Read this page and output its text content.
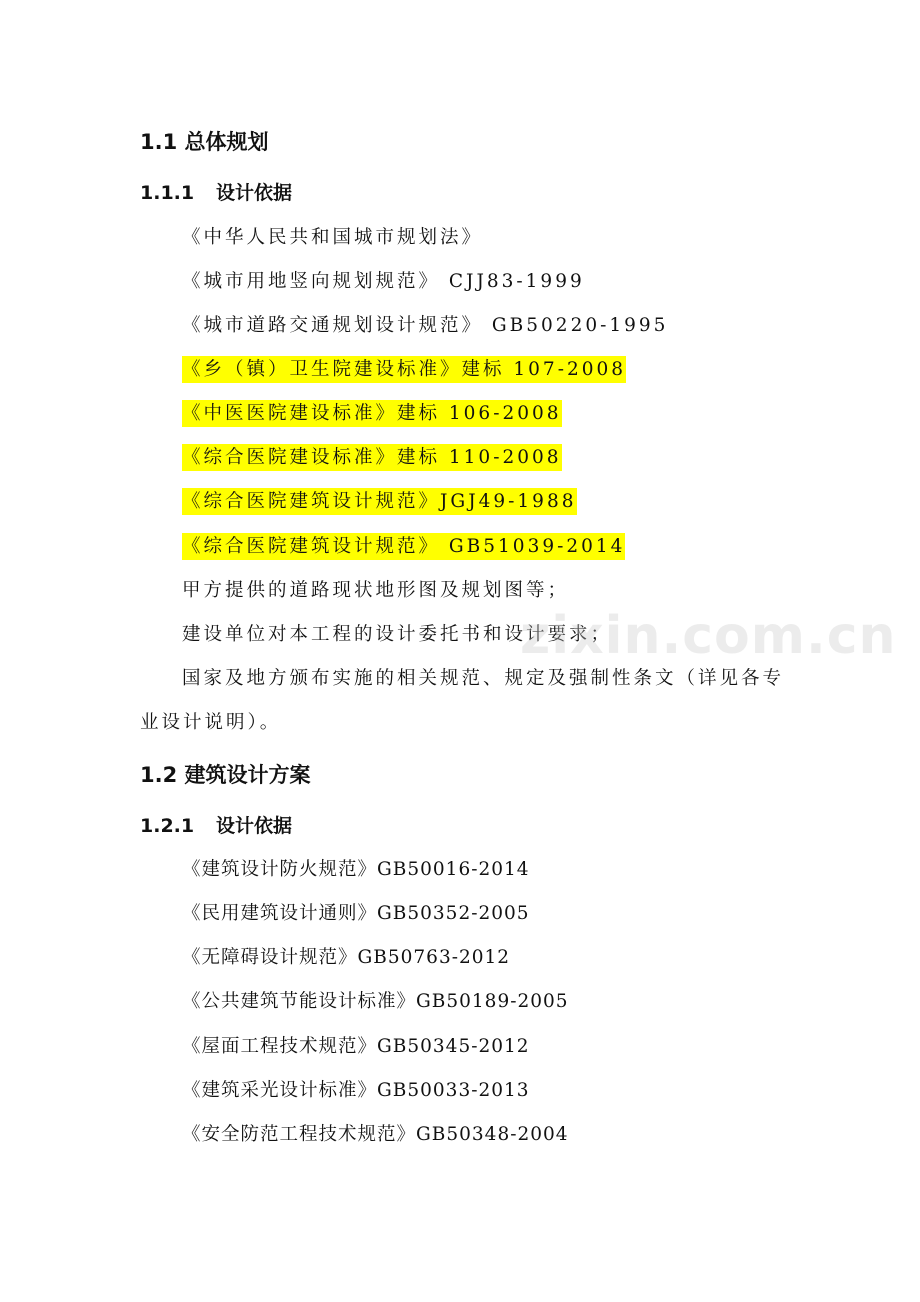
1.1 总体规划
1.1.1 设计依据
《中华人民共和国城市规划法》
《城市用地竖向规划规范》 CJJ83-1999
《城市道路交通规划设计规范》 GB50220-1995
《乡（镇）卫生院建设标准》建标 107-2008
《中医医院建设标准》建标 106-2008
《综合医院建设标准》建标 110-2008
《综合医院建筑设计规范》JGJ49-1988
《综合医院建筑设计规范》 GB51039-2014
甲方提供的道路现状地形图及规划图等；
建设单位对本工程的设计委托书和设计要求；

国家及地方颁布实施的相关规范、规定及强制性条文（详见各专业设计说明）。

1.2 建筑设计方案
1.2.1 设计依据
《建筑设计防火规范》GB50016-2014
《民用建筑设计通则》GB50352-2005
《无障碍设计规范》GB50763-2012
《公共建筑节能设计标准》GB50189-2005
《屋面工程技术规范》GB50345-2012
《建筑采光设计标准》GB50033-2013
《安全防范工程技术规范》GB50348-2004
zixin.com.cn
